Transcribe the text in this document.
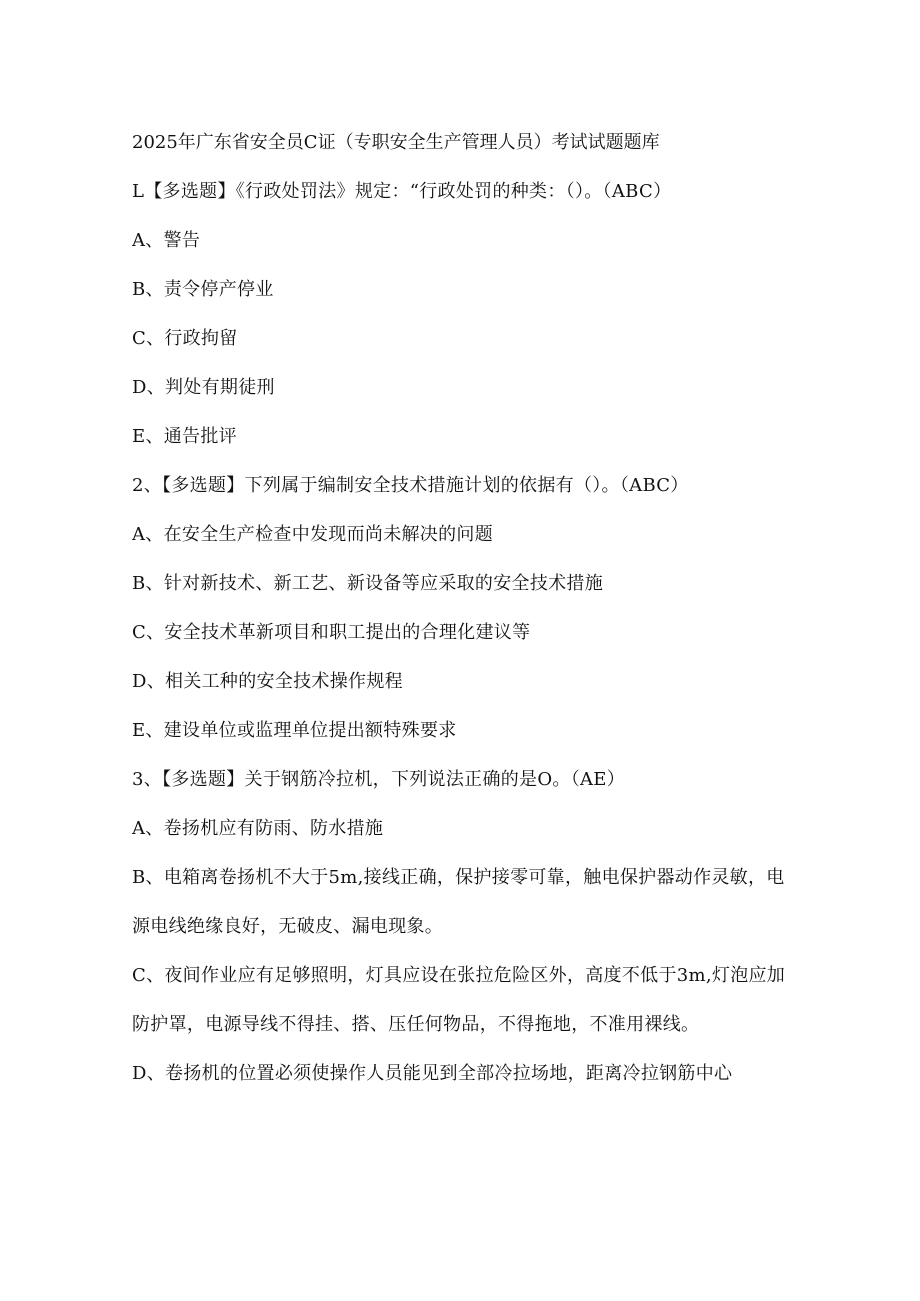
2025年广东省安全员C证（专职安全生产管理人员）考试试题题库

L【多选题】《行政处罚法》规定：“行政处罚的种类：（）。（ABC）

A、警告

B、责令停产停业

C、行政拘留

D、判处有期徒刑

E、通告批评

2、【多选题】下列属于编制安全技术措施计划的依据有（）。（ABC）

A、在安全生产检查中发现而尚未解决的问题

B、针对新技术、新工艺、新设备等应采取的安全技术措施

C、安全技术革新项目和职工提出的合理化建议等

D、相关工种的安全技术操作规程

E、建设单位或监理单位提出额特殊要求

3、【多选题】关于钢筋冷拉机，下列说法正确的是O。（AE）

A、卷扬机应有防雨、防水措施

B、电箱离卷扬机不大于5m,接线正确，保护接零可靠，触电保护器动作灵敏，电源电线绝缘良好，无破皮、漏电现象。

C、夜间作业应有足够照明，灯具应设在张拉危险区外，高度不低于3m,灯泡应加防护罩，电源导线不得挂、搭、压任何物品，不得拖地，不准用裸线。

D、卷扬机的位置必须使操作人员能见到全部冷拉场地，距离冷拉钢筋中心
